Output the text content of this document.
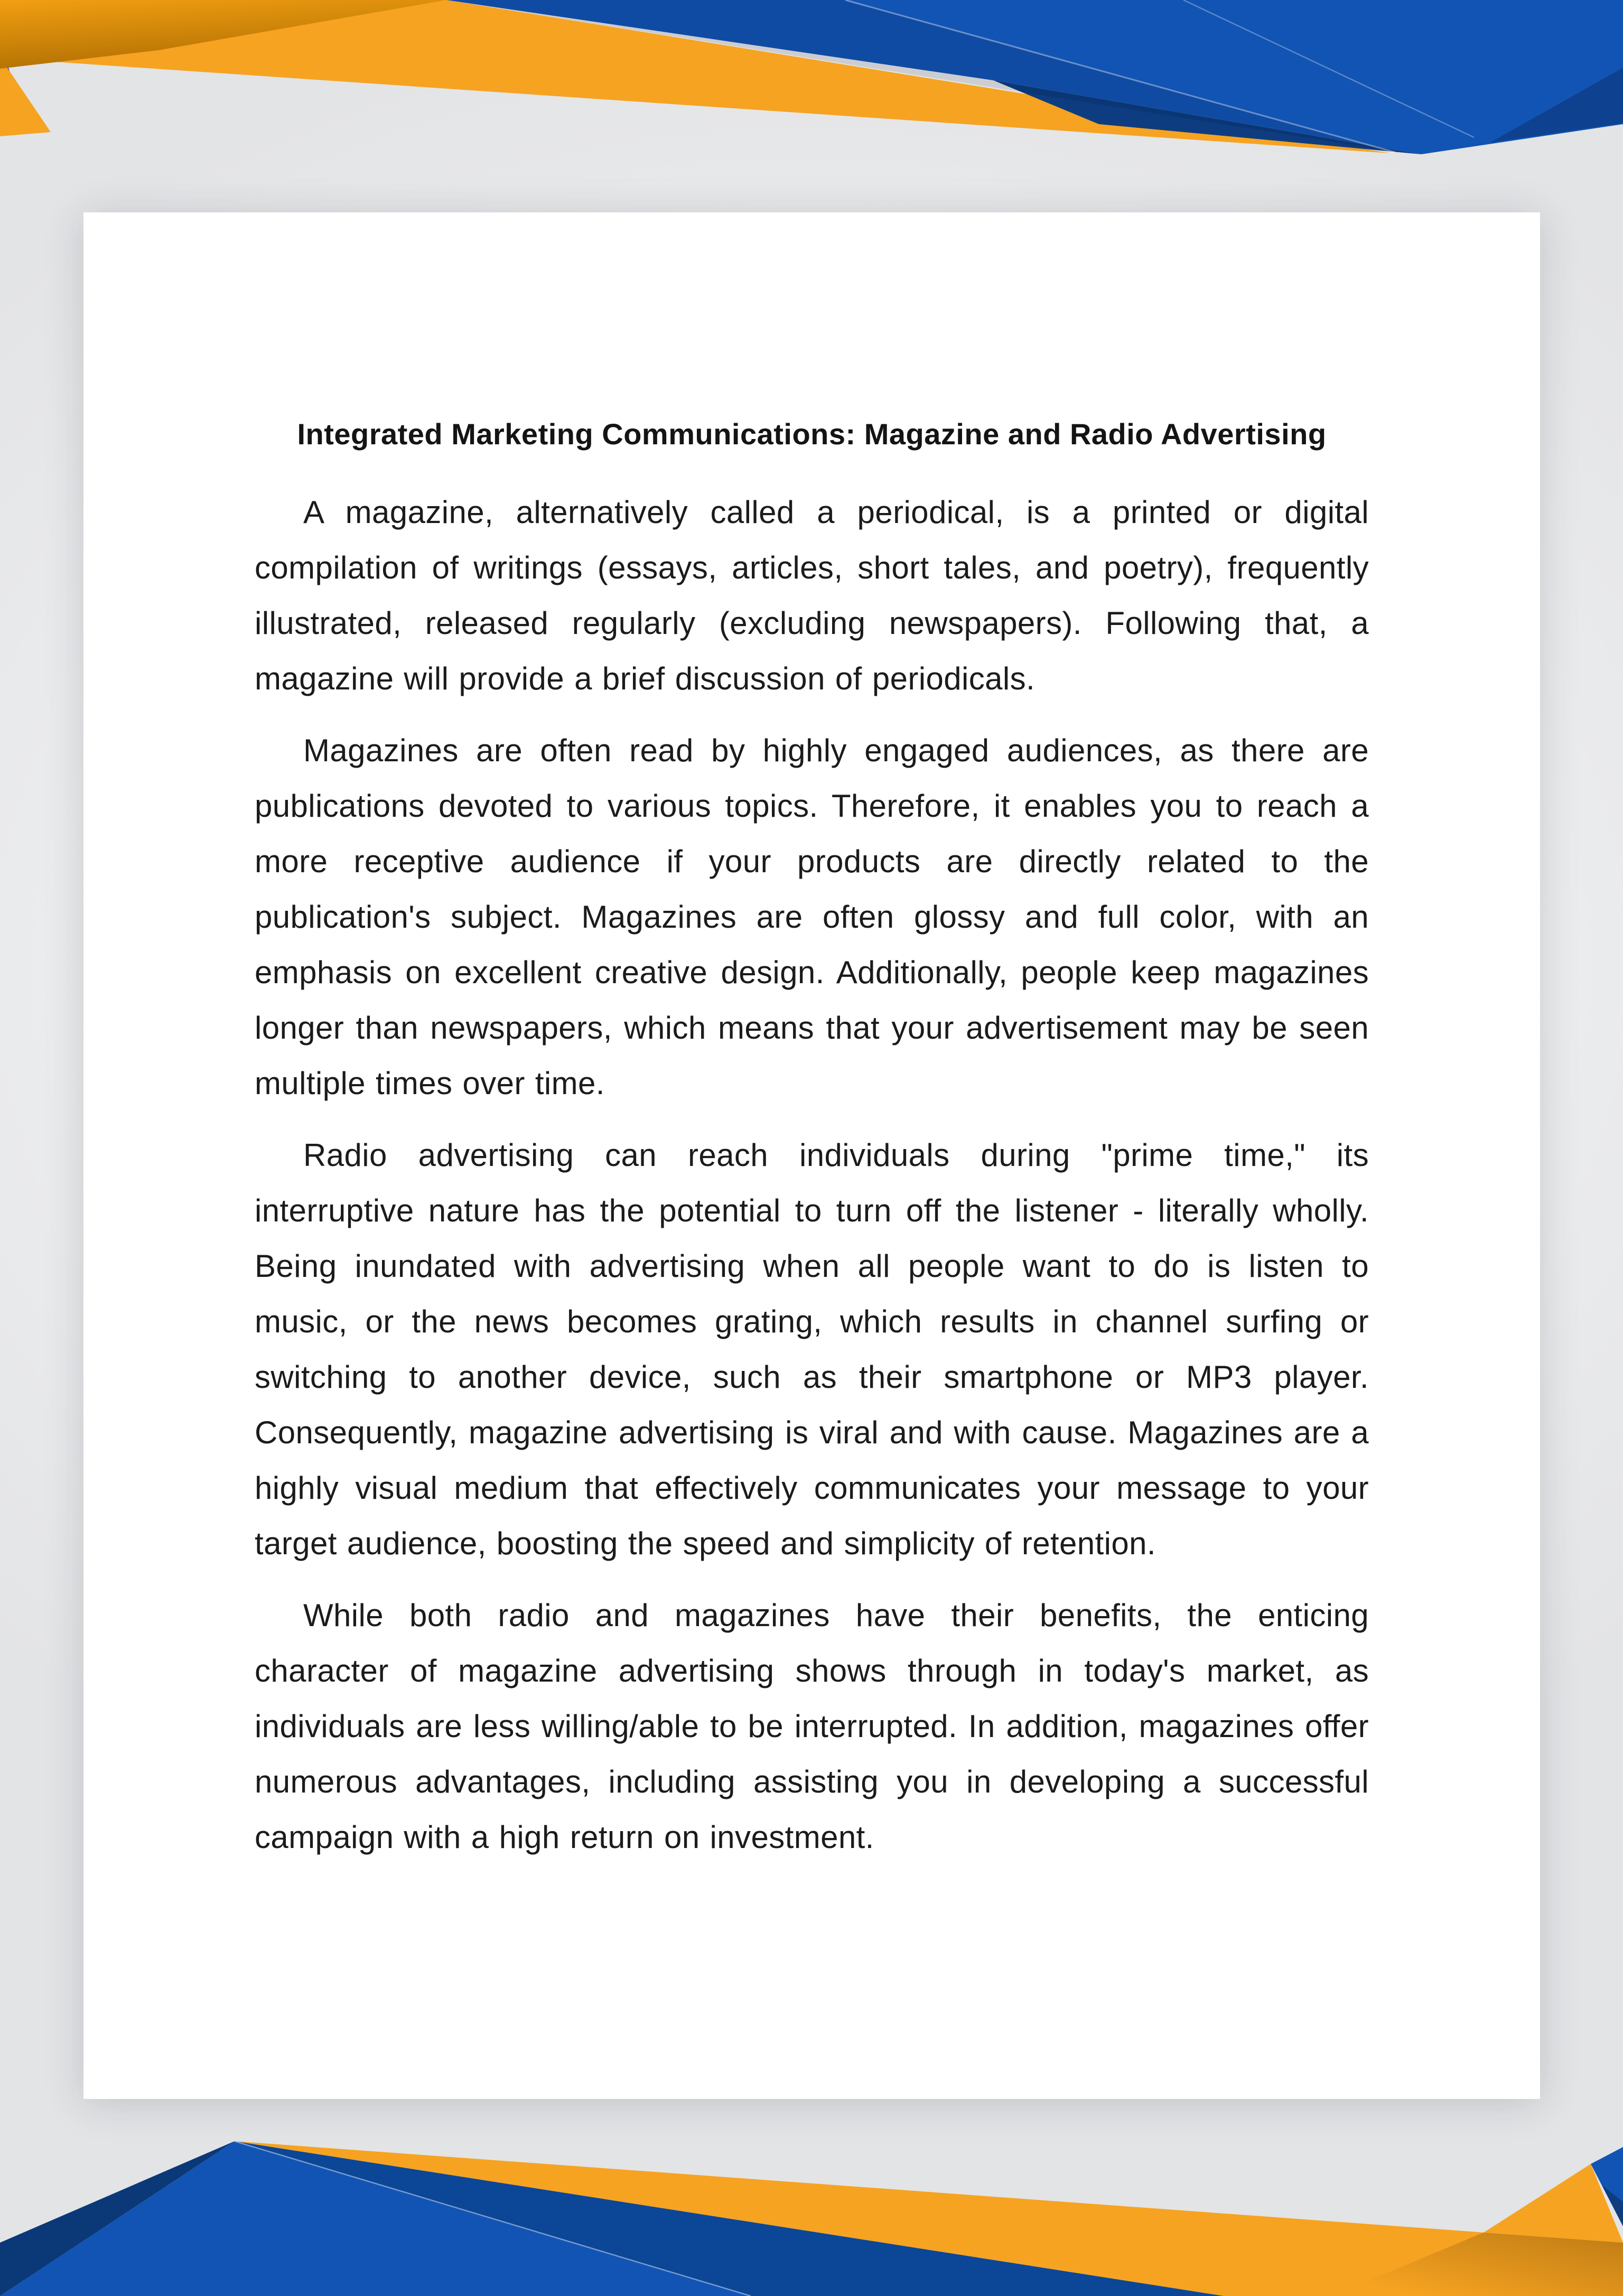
Integrated Marketing Communications: Magazine and Radio Advertising

A magazine, alternatively called a periodical, is a printed or digital compilation of writings (essays, articles, short tales, and poetry), frequently illustrated, released regularly (excluding newspapers). Following that, a magazine will provide a brief discussion of periodicals.

Magazines are often read by highly engaged audiences, as there are publications devoted to various topics. Therefore, it enables you to reach a more receptive audience if your products are directly related to the publication's subject. Magazines are often glossy and full color, with an emphasis on excellent creative design. Additionally, people keep magazines longer than newspapers, which means that your advertisement may be seen multiple times over time.

Radio advertising can reach individuals during "prime time," its interruptive nature has the potential to turn off the listener - literally wholly. Being inundated with advertising when all people want to do is listen to music, or the news becomes grating, which results in channel surfing or switching to another device, such as their smartphone or MP3 player. Consequently, magazine advertising is viral and with cause. Magazines are a highly visual medium that effectively communicates your message to your target audience, boosting the speed and simplicity of retention.

While both radio and magazines have their benefits, the enticing character of magazine advertising shows through in today's market, as individuals are less willing/able to be interrupted. In addition, magazines offer numerous advantages, including assisting you in developing a successful campaign with a high return on investment.
